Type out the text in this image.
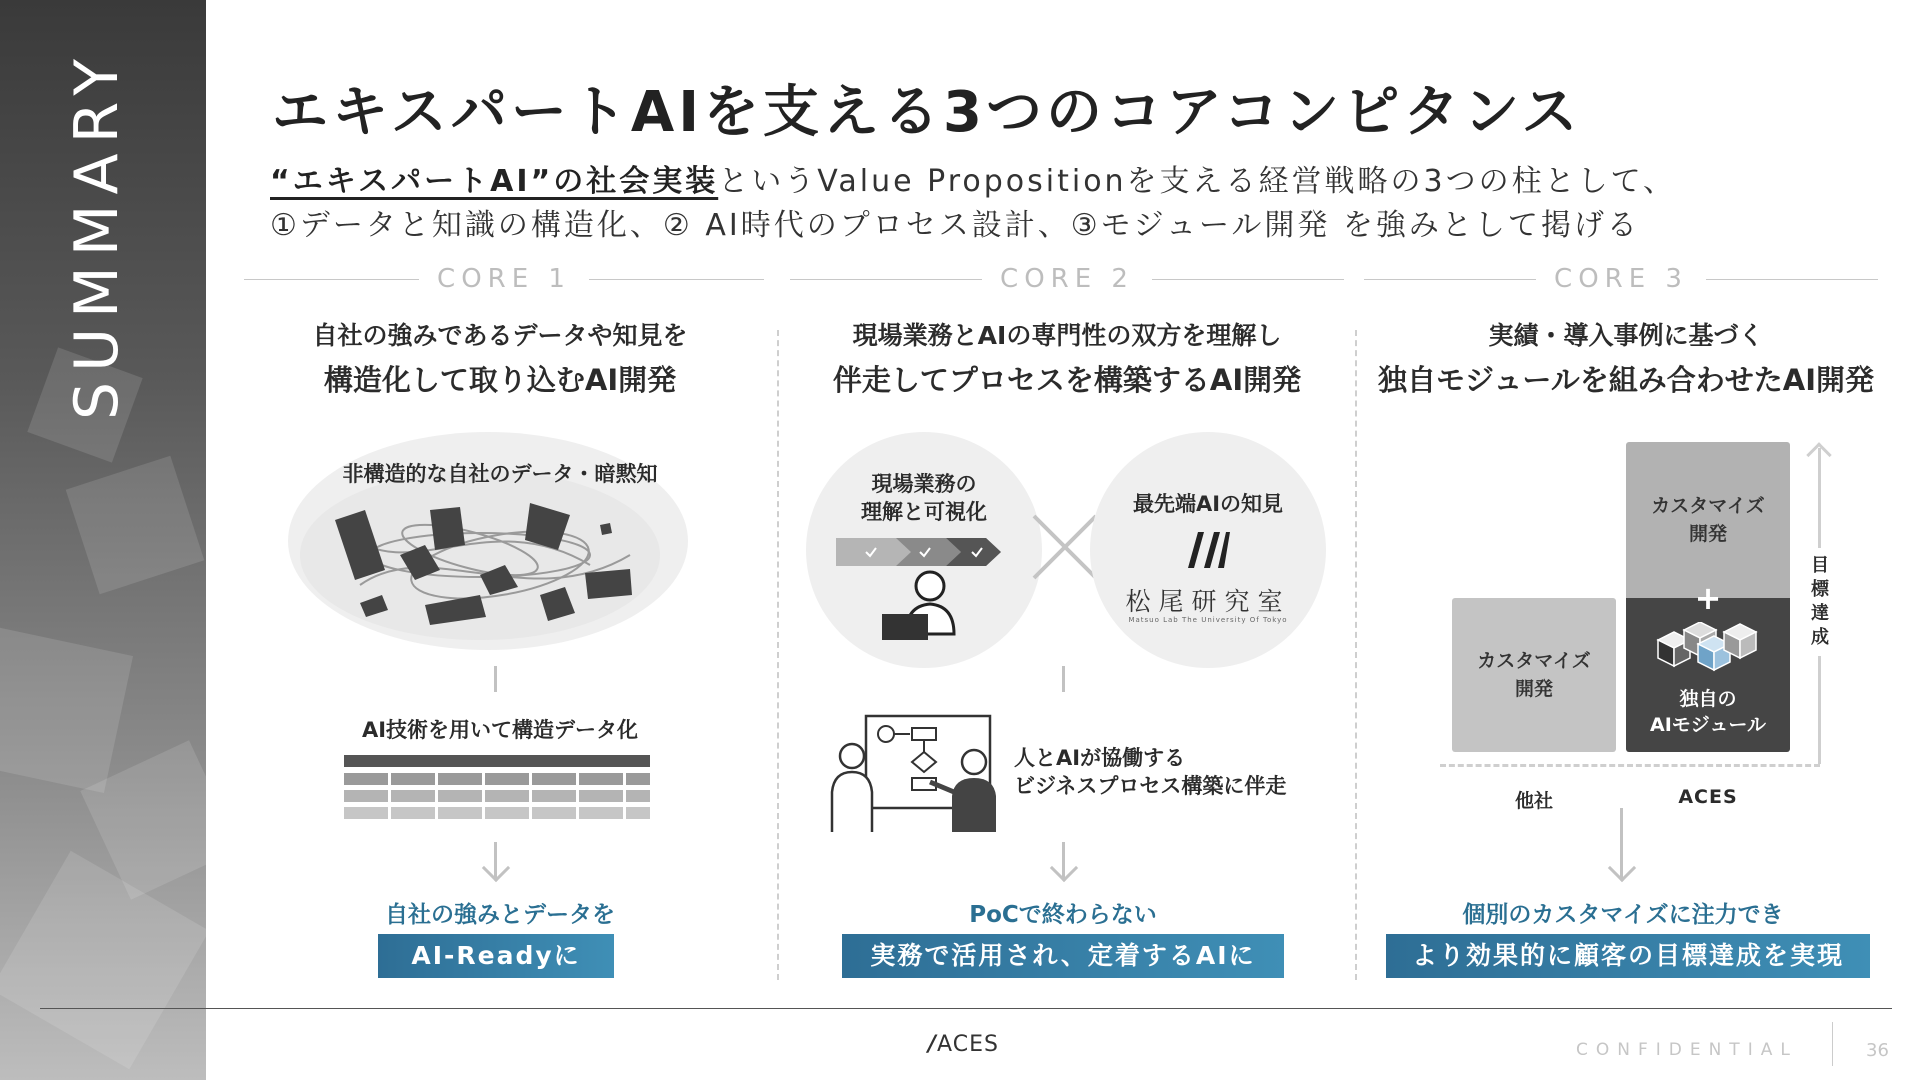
SUMMARY	エキスパートAIを支える3つのコアコンピタンス
“エキスパートAI”の社会実装というValue Propositionを支える経営戦略の3つの柱として、
①データと知識の構造化、② AI時代のプロセス設計、③モジュール開発 を強みとして掲げる
CORE 1	CORE 2	CORE 3
自社の強みであるデータや知見を
構造化して取り込むAI開発
非構造的な自社のデータ・暗黙知
AI技術を用いて構造データ化
自社の強みとデータを
AI-Readyに
現場業務とAIの専門性の双方を理解し
伴走してプロセスを構築するAI開発
現場業務の
理解と可視化	最先端AIの知見
松尾研究室
Matsuo Lab The University Of Tokyo
人とAIが協働する
ビジネスプロセス構築に伴走
PoCで終わらない
実務で活用され、定着するAIに
実績・導入事例に基づく
独自モジュールを組み合わせたAI開発
カスタマイズ
開発
カスタマイズ
開発
独自の
AIモジュール
+
目標達成
他社	ACES
個別のカスタマイズに注力でき
より効果的に顧客の目標達成を実現
/ACES	CONFIDENTIAL	36
